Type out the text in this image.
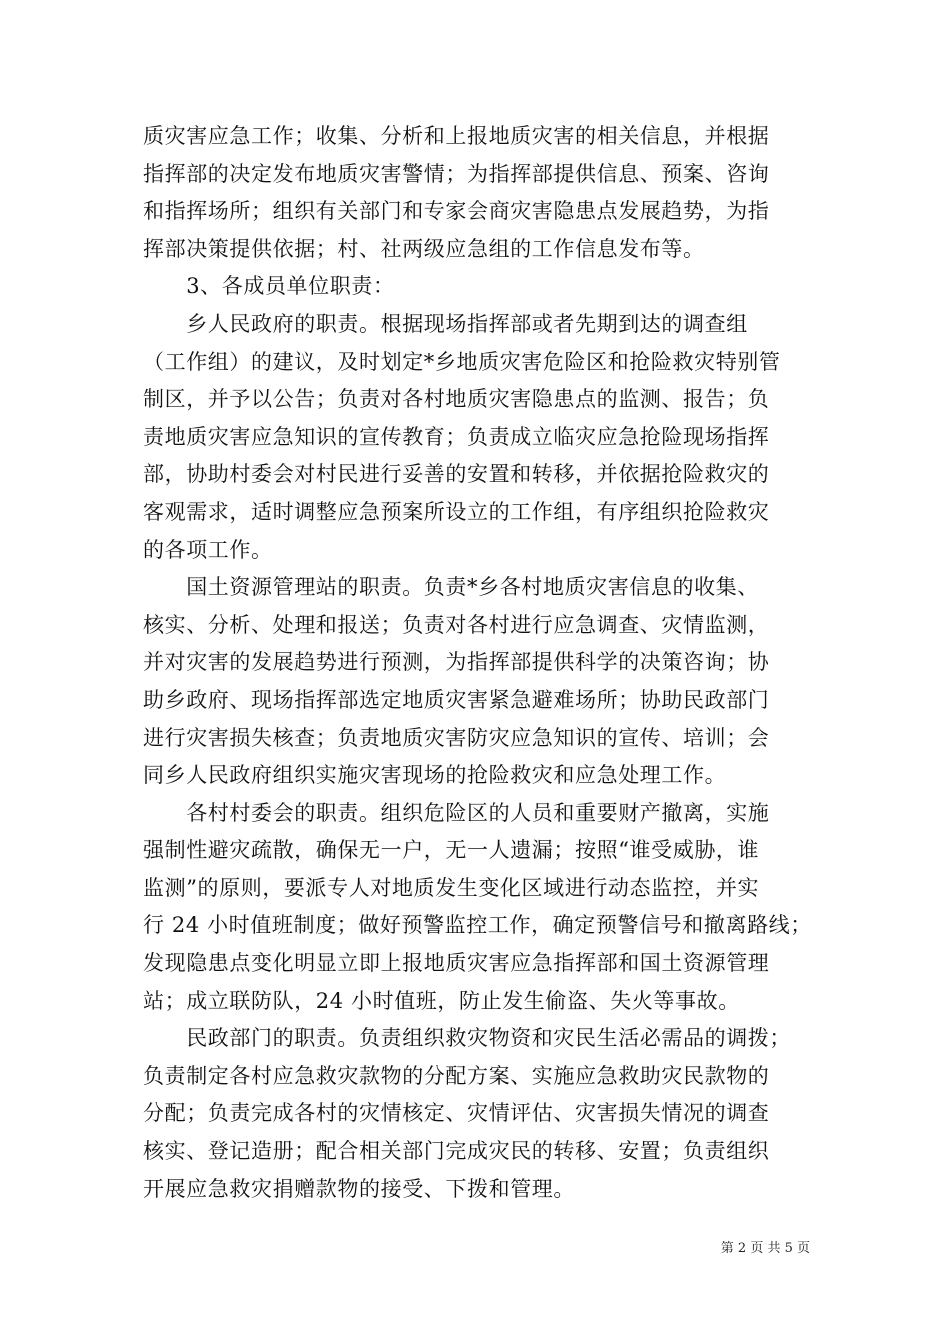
质灾害应急工作；收集、分析和上报地质灾害的相关信息，并根据
指挥部的决定发布地质灾害警情；为指挥部提供信息、预案、咨询
和指挥场所；组织有关部门和专家会商灾害隐患点发展趋势，为指
挥部决策提供依据；村、社两级应急组的工作信息发布等。
　　3、各成员单位职责：
　　乡人民政府的职责。根据现场指挥部或者先期到达的调查组
（工作组）的建议，及时划定*乡地质灾害危险区和抢险救灾特别管
制区，并予以公告；负责对各村地质灾害隐患点的监测、报告；负
责地质灾害应急知识的宣传教育；负责成立临灾应急抢险现场指挥
部，协助村委会对村民进行妥善的安置和转移，并依据抢险救灾的
客观需求，适时调整应急预案所设立的工作组，有序组织抢险救灾
的各项工作。
　　国土资源管理站的职责。负责*乡各村地质灾害信息的收集、
核实、分析、处理和报送；负责对各村进行应急调查、灾情监测，
并对灾害的发展趋势进行预测，为指挥部提供科学的决策咨询；协
助乡政府、现场指挥部选定地质灾害紧急避难场所；协助民政部门
进行灾害损失核查；负责地质灾害防灾应急知识的宣传、培训；会
同乡人民政府组织实施灾害现场的抢险救灾和应急处理工作。
　　各村村委会的职责。组织危险区的人员和重要财产撤离，实施
强制性避灾疏散，确保无一户，无一人遗漏；按照“谁受威胁，谁
监测”的原则，要派专人对地质发生变化区域进行动态监控，并实
行 24 小时值班制度；做好预警监控工作，确定预警信号和撤离路线；
发现隐患点变化明显立即上报地质灾害应急指挥部和国土资源管理
站；成立联防队，24 小时值班，防止发生偷盗、失火等事故。
　　民政部门的职责。负责组织救灾物资和灾民生活必需品的调拨；
负责制定各村应急救灾款物的分配方案、实施应急救助灾民款物的
分配；负责完成各村的灾情核定、灾情评估、灾害损失情况的调查
核实、登记造册；配合相关部门完成灾民的转移、安置；负责组织
开展应急救灾捐赠款物的接受、下拨和管理。
第 2 页 共 5 页
